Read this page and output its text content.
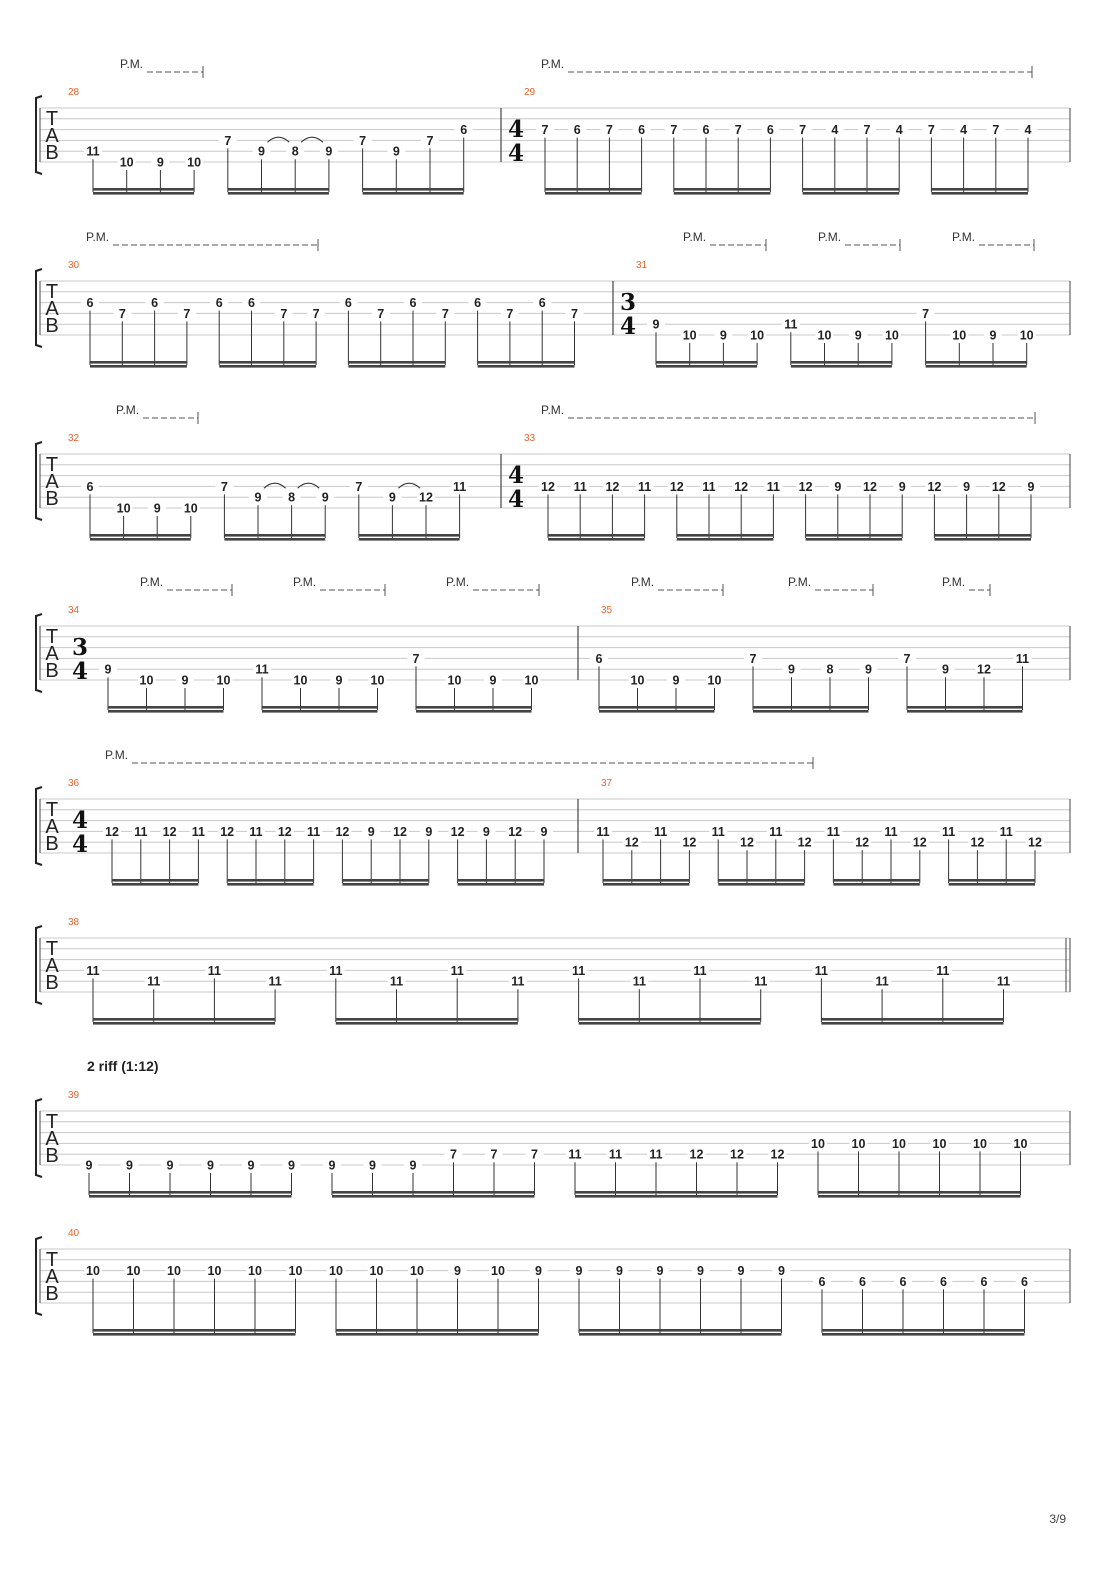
T
A
B
P.M.	P.M.
28
11
10 9 10
7
9 8 9
7
9
7
6
29
4
4
7 6 7 6 7 6 7 6 7 4 7 4 7 4 7 4
T
A
B
P.M.	P.M.	P.M.	P.M.
30
6
7
6
7
6 6
7 7
6
7
6
7
6
7
6
7
31
3
4 9
10 9 10
11
10 9 10
7
10 9 10
T
A
B
P.M.	P.M.
32
6
10 9 10
7
9 8 9
7
9 12
11
33
4
4 12 11 12 11 12 11 12 11 12 9 12 9 12 9 12 9
T
A
B
P.M.	P.M.	P.M.	P.M.	P.M.	P.M.
34
3
4 9
10 9 10
11
10 9 10
7
10 9 10
35
6
10 9 10
7
9	8	9
7
9 12
11
T
A
B
P.M.
36
4
4 12 11 12 11 12 11 12 11 12 9 12 9 12 9 12 9
37
11
12
11
12
11
12
11
12
11
12
11
12
11
12
11
12
T
A
B
38
11
11
11
11
11
11
11
11
11
11
11
11
11
11
11
11
T
A
B
39
9	9	9	9	9	9	9	9	9
7	7	7 11 11 11 12 12 12
10 10 10 10 10 10
T
A
B
40
10 10 10 10 10 10 10 10 10 9 10 9	9	9	9	9	9	9
6	6	6	6	6	6
2 riff (1:12)
3/9
